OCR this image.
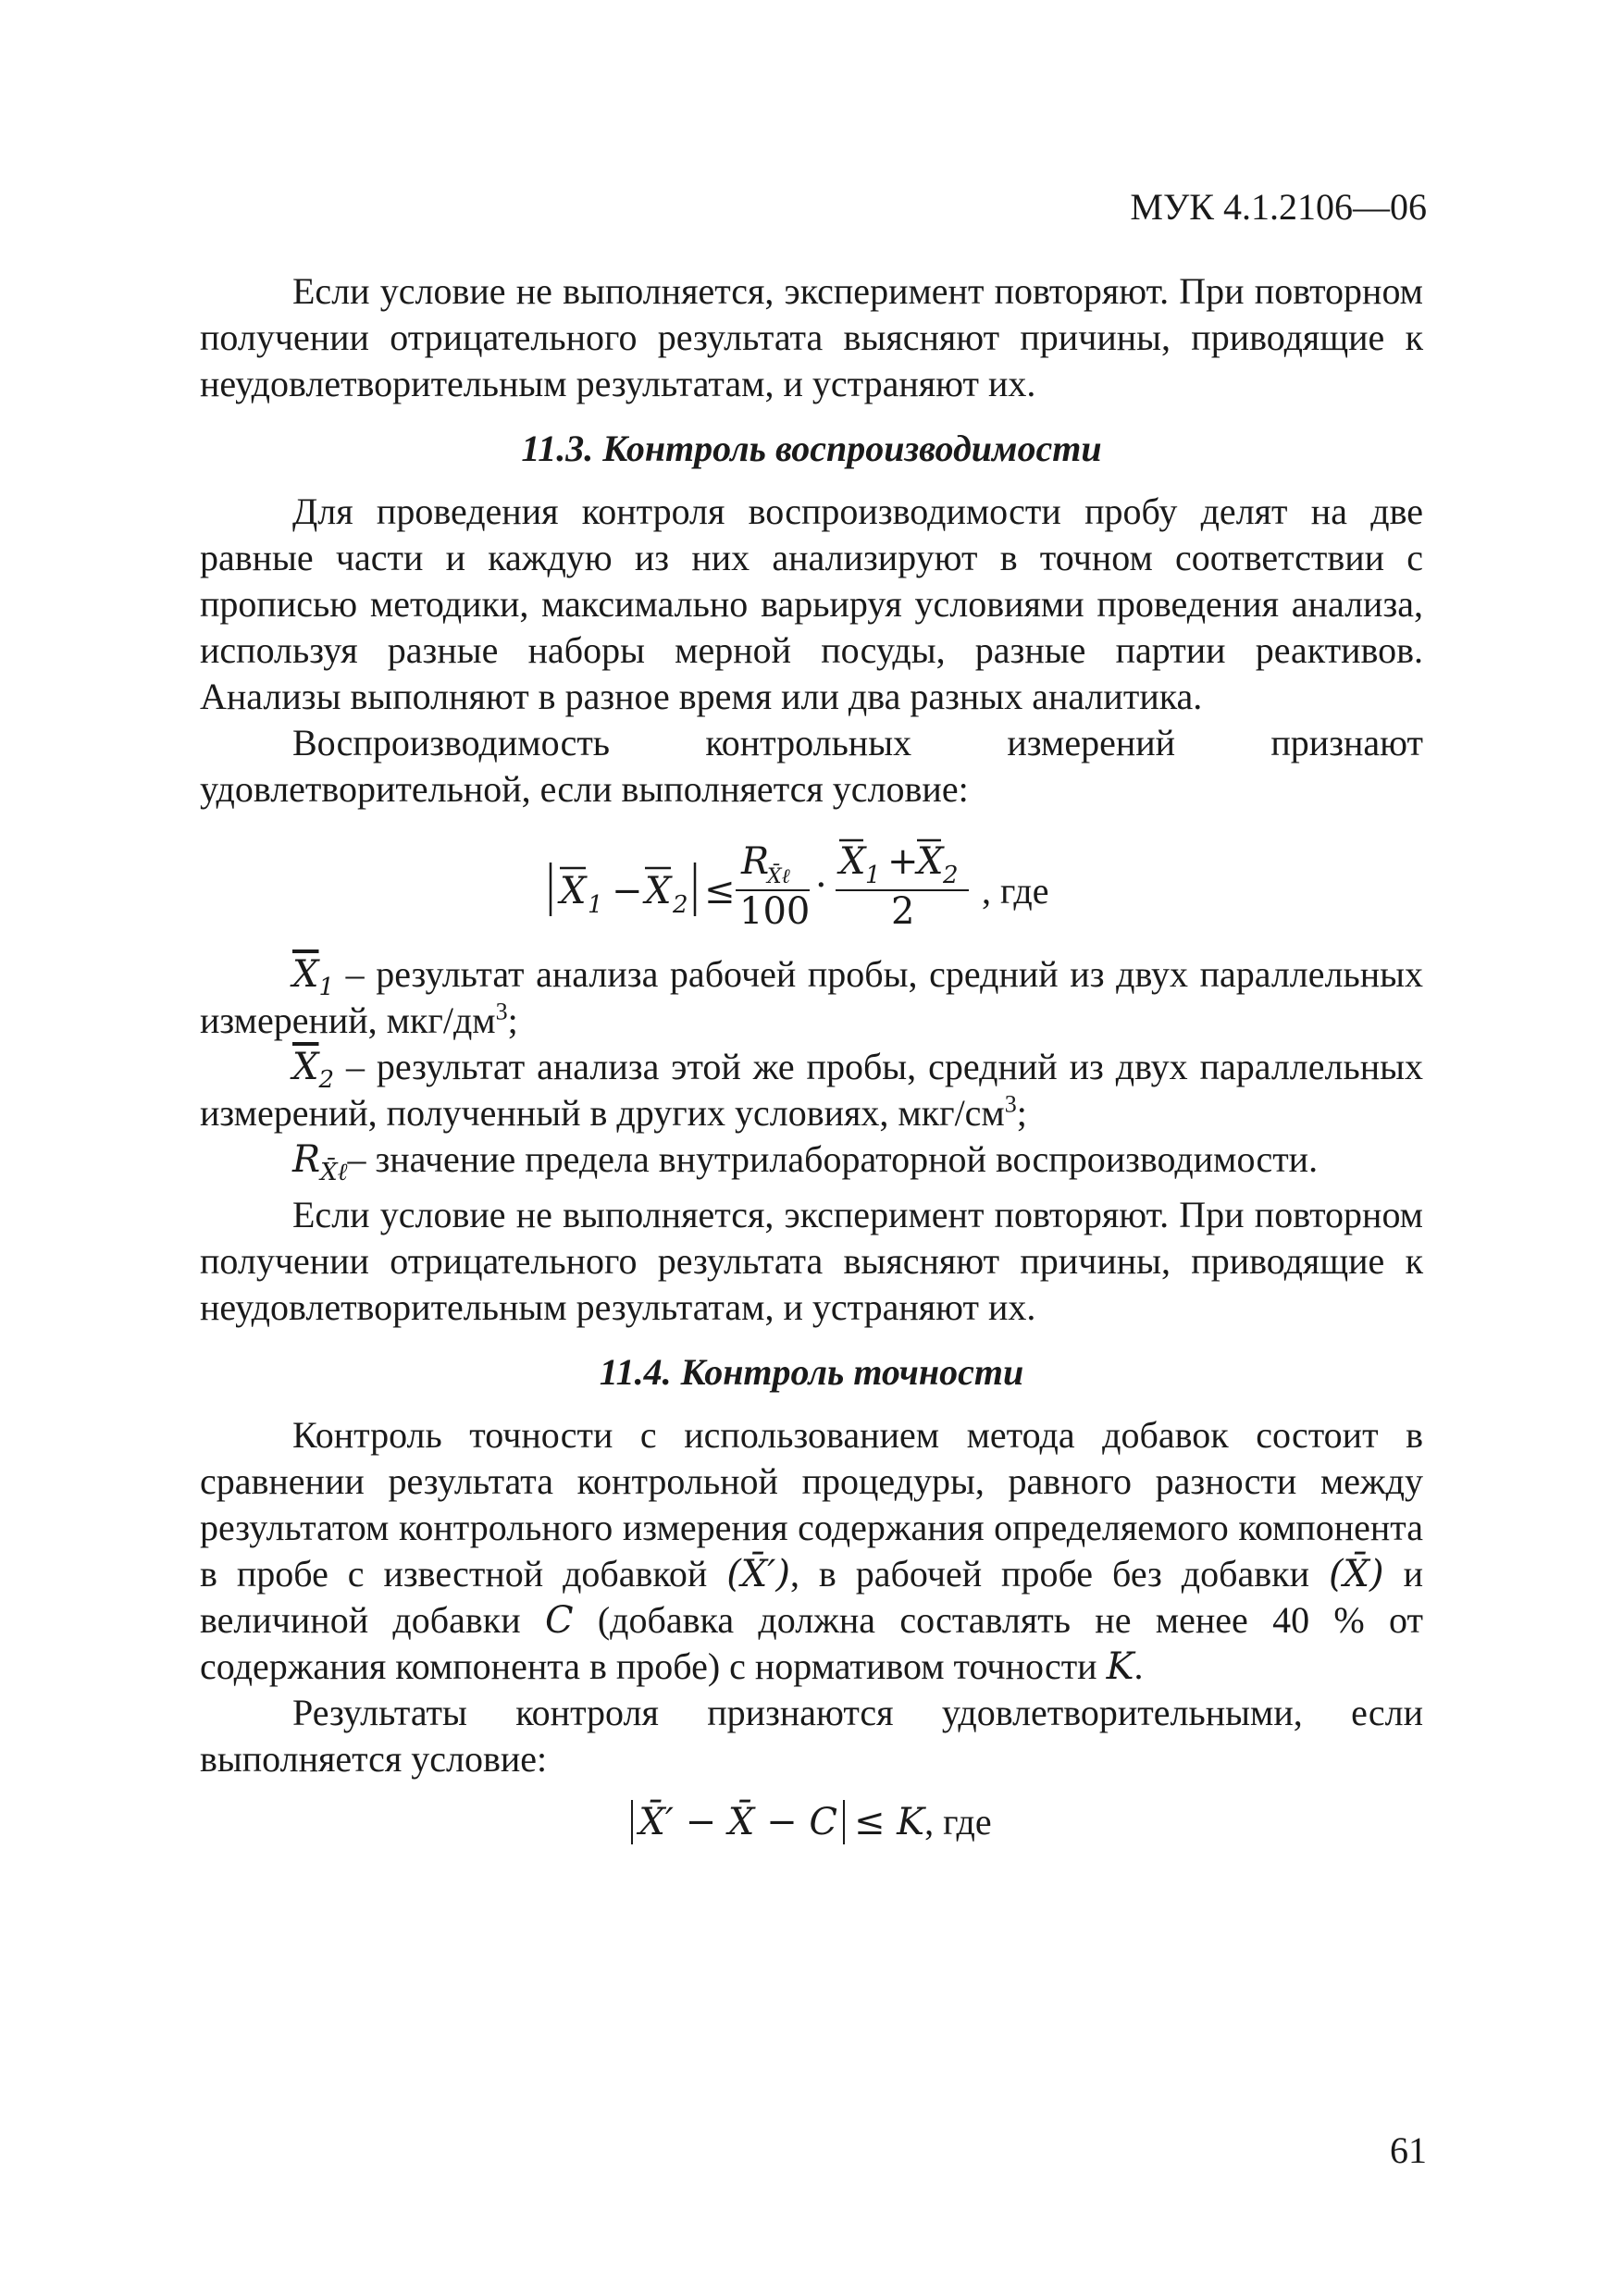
МУК 4.1.2106—06

Если условие не выполняется, эксперимент повторяют. При повторном получении отрицательного результата выясняют причины, приводящие к неудовлетворительным результатам, и устраняют их.

11.3. Контроль воспроизводимости

Для проведения контроля воспроизводимости пробу делят на две равные части и каждую из них анализируют в точном соответствии с прописью методики, максимально варьируя условиями проведения анализа, используя разные наборы мерной посуды, разные партии реактивов. Анализы выполняют в разное время или два разных аналитика.

Воспроизводимость контрольных измерений признают удовлетворительной, если выполняется условие:

X 1 − X 2 ≤
R
X̄ℓ
100
·
X 1 +
X 2
2 , где
$\overline{X}_1$ – результат анализа рабочей пробы, средний из двух параллельных измерений, мкг/$дм^3$;
$\overline{X}_2$ – результат анализа этой же пробы, средний из двух параллельных измерений, полученный в других условиях, мкг/$см^3$;
$R_{X̄\ell}-$ значение предела внутрилабораторной воспроизводимости.

Если условие не выполняется, эксперимент повторяют. При повторном получении отрицательного результата выясняют причины, приводящие к неудовлетворительным результатам, и устраняют их.

11.4. Контроль точности

Контроль точности с использованием метода добавок состоит в сравнении результата контрольной процедуры, равного разности между результатом контрольного измерения содержания определяемого компонента в пробе с известной добавкой (X̄′), в рабочей пробе без добавки (X̄) и величиной добавки C (добавка должна составлять не менее 40 % от содержания компонента в пробе) с нормативом точности K.

Результаты контроля признаются удовлетворительными, если выполняется условие:

X̄′ − X̄ − C ≤ K, где
61
